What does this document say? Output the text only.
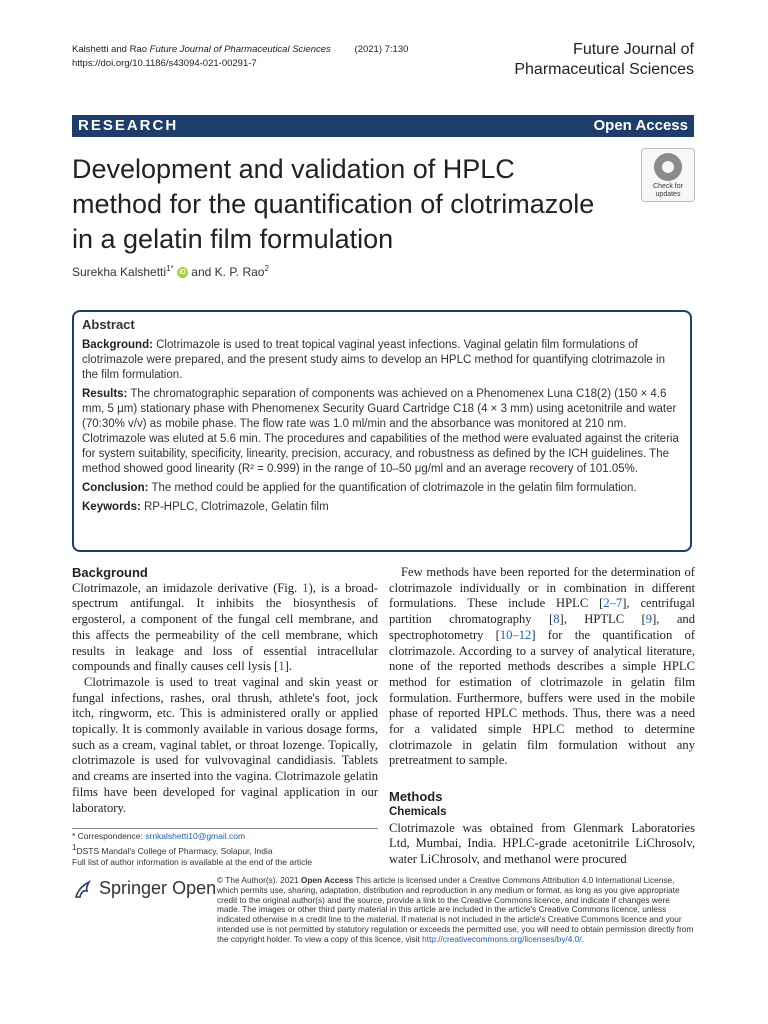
Kalshetti and Rao Future Journal of Pharmaceutical Sciences	(2021) 7:130
https://doi.org/10.1186/s43094-021-00291-7
Future Journal of
Pharmaceutical Sciences
RESEARCH	Open Access
Development and validation of HPLC method for the quantification of clotrimazole in a gelatin film formulation
Check for
updates
Surekha Kalshetti$^{1*}$ iD and K. P. Rao$^2$
Abstract

Background: Clotrimazole is used to treat topical vaginal yeast infections. Vaginal gelatin film formulations of clotrimazole were prepared, and the present study aims to develop an HPLC method for quantifying clotrimazole in the film formulation.

Results: The chromatographic separation of components was achieved on a Phenomenex Luna C18(2) (150 × 4.6 mm, 5 μm) stationary phase with Phenomenex Security Guard Cartridge C18 (4 × 3 mm) using acetonitrile and water (70:30% v/v) as mobile phase. The flow rate was 1.0 ml/min and the absorbance was monitored at 210 nm. Clotrimazole was eluted at 5.6 min. The procedures and capabilities of the method were evaluated against the criteria for system suitability, specificity, linearity, precision, accuracy, and robustness as defined by the ICH guidelines. The method showed good linearity (R² = 0.999) in the range of 10–50 μg/ml and an average recovery of 101.05%.

Conclusion: The method could be applied for the quantification of clotrimazole in the gelatin film formulation.

Keywords: RP-HPLC, Clotrimazole, Gelatin film

Background

Clotrimazole, an imidazole derivative (Fig. 1), is a broad-spectrum antifungal. It inhibits the biosynthesis of ergosterol, a component of the fungal cell membrane, and this affects the permeability of the cell membrane, which results in leakage and loss of essential intracellular compounds and finally causes cell lysis [1].

Clotrimazole is used to treat vaginal and skin yeast or fungal infections, rashes, oral thrush, athlete's foot, jock itch, ringworm, etc. This is administered orally or applied topically. It is commonly available in various dosage forms, such as a cream, vaginal tablet, or throat lozenge. Topically, clotrimazole is used for vulvovaginal candidiasis. Tablets and creams are inserted into the vagina. Clotrimazole gelatin films have been developed for vaginal application in our laboratory.

Few methods have been reported for the determination of clotrimazole individually or in combination in different formulations. These include HPLC [2–7], centrifugal partition chromatography [8], HPTLC [9], and spectrophotometry [10–12] for the quantification of clotrimazole. According to a survey of analytical literature, none of the reported methods describes a simple HPLC method for estimation of clotrimazole in gelatin film formulation. Furthermore, buffers were used in the mobile phase of reported HPLC methods. Thus, there was a need for a validated simple HPLC method to determine clotrimazole in gelatin film formulation without any pretreatment to sample.

Methods
Chemicals

Clotrimazole was obtained from Glenmark Laboratories Ltd, Mumbai, India. HPLC-grade acetonitrile LiChrosolv, water LiChrosolv, and methanol were procured

* Correspondence: srnkalshetti10@gmail.com
$^1$DSTS Mandal's College of Pharmacy, Solapur, India
Full list of author information is available at the end of the article
Springer Open © The Author(s). 2021 Open Access This article is licensed under a Creative Commons Attribution 4.0 International License, which permits use, sharing, adaptation, distribution and reproduction in any medium or format, as long as you give appropriate credit to the original author(s) and the source, provide a link to the Creative Commons licence, and indicate if changes were made. The images or other third party material in this article are included in the article's Creative Commons licence, unless indicated otherwise in a credit line to the material. If material is not included in the article's Creative Commons licence and your intended use is not permitted by statutory regulation or exceeds the permitted use, you will need to obtain permission directly from the copyright holder. To view a copy of this licence, visit http://creativecommons.org/licenses/by/4.0/.
